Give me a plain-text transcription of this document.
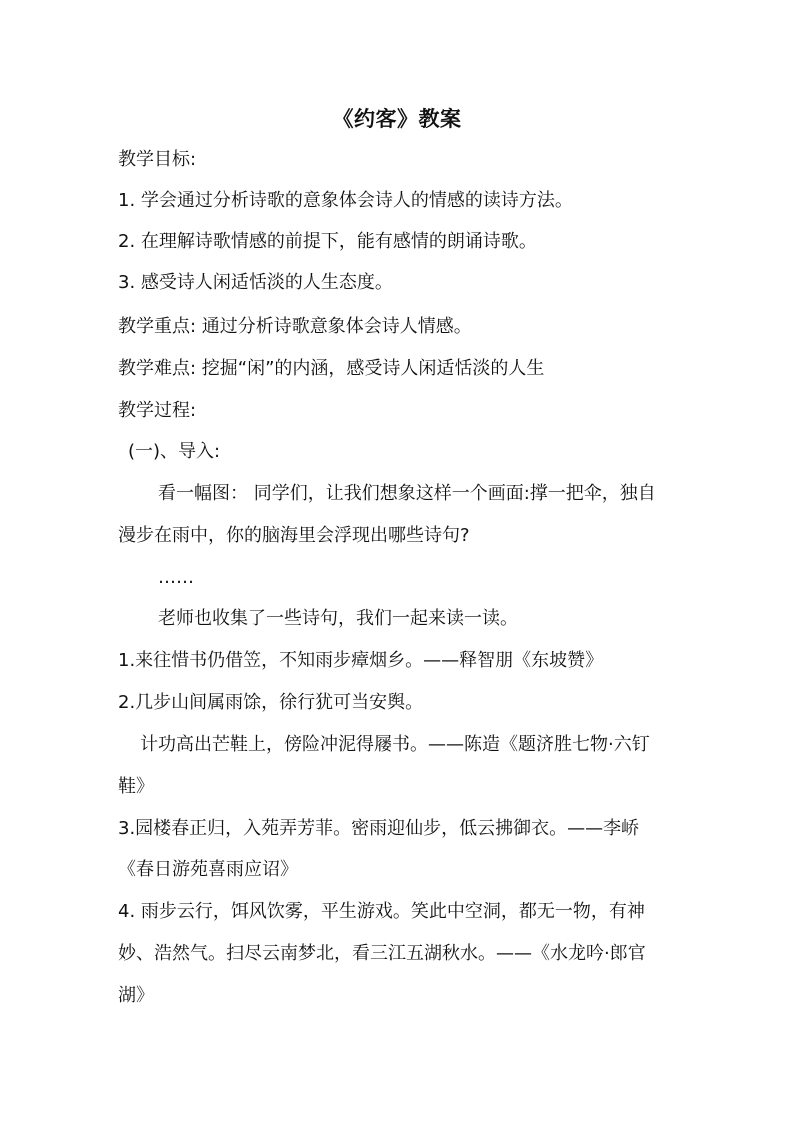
《约客》教案
教学目标:
1. 学会通过分析诗歌的意象体会诗人的情感的读诗方法。
2. 在理解诗歌情感的前提下，能有感情的朗诵诗歌。
3. 感受诗人闲适恬淡的人生态度。
教学重点: 通过分析诗歌意象体会诗人情感。
教学难点: 挖掘“闲”的内涵，感受诗人闲适恬淡的人生
教学过程:
(一)、导入:
看一幅图： 同学们，让我们想象这样一个画面:撑一把伞，独自
漫步在雨中，你的脑海里会浮现出哪些诗句?
……
老师也收集了一些诗句，我们一起来读一读。
1.来往惜书仍借笠，不知雨步瘴烟乡。——释智朋《东坡赞》
2.几步山间属雨馀，徐行犹可当安舆。
计功高出芒鞋上，傍险冲泥得屦书。——陈造《题济胜七物·六钉
鞋》
3.园楼春正归，入苑弄芳菲。密雨迎仙步，低云拂御衣。——李峤
《春日游苑喜雨应诏》
4. 雨步云行，饵风饮雾，平生游戏。笑此中空洞，都无一物，有神
妙、浩然气。扫尽云南梦北，看三江五湖秋水。——《水龙吟·郎官
湖》
